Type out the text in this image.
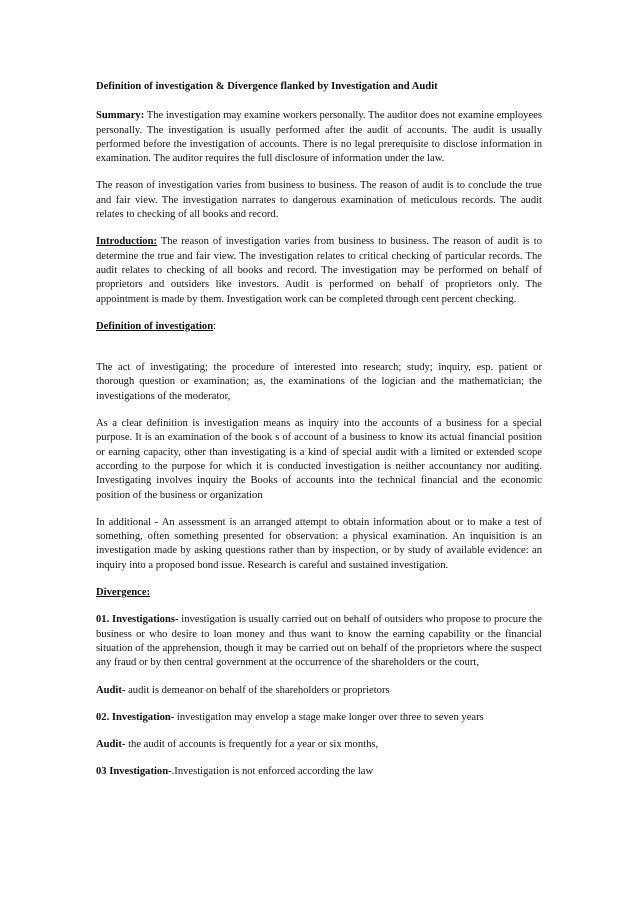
Definition of investigation & Divergence flanked by Investigation and Audit

Summary: The investigation may examine workers personally. The auditor does not examine employees personally. The investigation is usually performed after the audit of accounts. The audit is usually performed before the investigation of accounts. There is no legal prerequisite to disclose information in examination. The auditor requires the full disclosure of information under the law.

The reason of investigation varies from business to business. The reason of audit is to conclude the true and fair view. The investigation narrates to dangerous examination of meticulous records. The audit relates to checking of all books and record.

Introduction: The reason of investigation varies from business to business. The reason of audit is to determine the true and fair view. The investigation relates to critical checking of particular records. The audit relates to checking of all books and record. The investigation may be performed on behalf of proprietors and outsiders like investors. Audit is performed on behalf of proprietors only. The appointment is made by them. Investigation work can be completed through cent percent checking.

Definition of investigation:

The act of investigating; the procedure of interested into research; study; inquiry, esp. patient or thorough question or examination; as, the examinations of the logician and the mathematician; the investigations of the moderator,

As a clear definition is investigation means as inquiry into the accounts of a business for a special purpose. It is an examination of the book s of account of a business to know its actual financial position or earning capacity, other than investigating is a kind of special audit with a limited or extended scope according to the purpose for which it is conducted investigation is neither accountancy nor auditing. Investigating involves inquiry the Books of accounts into the technical financial and the economic position of the business or organization

In additional - An assessment is an arranged attempt to obtain information about or to make a test of something, often something presented for observation: a physical examination. An inquisition is an investigation made by asking questions rather than by inspection, or by study of available evidence: an inquiry into a proposed bond issue. Research is careful and sustained investigation.

Divergence:

01. Investigations- investigation is usually carried out on behalf of outsiders who propose to procure the business or who desire to loan money and thus want to know the earning capability or the financial situation of the apprehension, though it may be carried out on behalf of the proprietors where the suspect any fraud or by then central government at the occurrence of the shareholders or the court,

Audit- audit is demeanor on behalf of the shareholders or proprietors

02. Investigation- investigation may envelop a stage make longer over three to seven years

Audit- the audit of accounts is frequently for a year or six months,

03 Investigation-.Investigation is not enforced according the law
